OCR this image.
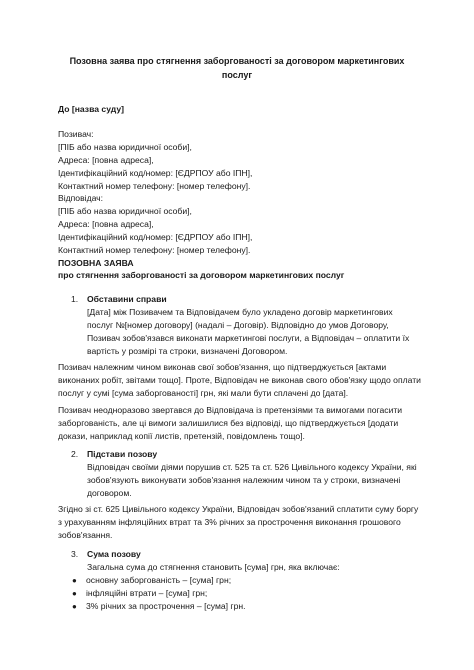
Позовна заява про стягнення заборгованості за договором маркетингових послуг
До [назва суду]
Позивач:
[ПІБ або назва юридичної особи],
Адреса: [повна адреса],
Ідентифікаційний код/номер: [ЄДРПОУ або ІПН],
Контактний номер телефону: [номер телефону].
Відповідач:
[ПІБ або назва юридичної особи],
Адреса: [повна адреса],
Ідентифікаційний код/номер: [ЄДРПОУ або ІПН],
Контактний номер телефону: [номер телефону].
ПОЗОВНА ЗАЯВА
про стягнення заборгованості за договором маркетингових послуг
1. Обставини справи
[Дата] між Позивачем та Відповідачем було укладено договір маркетингових послуг №[номер договору] (надалі – Договір). Відповідно до умов Договору, Позивач зобов'язався виконати маркетингові послуги, а Відповідач – оплатити їх вартість у розмірі та строки, визначені Договором.
Позивач належним чином виконав свої зобов'язання, що підтверджується [актами виконаних робіт, звітами тощо]. Проте, Відповідач не виконав свого обов'язку щодо оплати послуг у сумі [сума заборгованості] грн, які мали бути сплачені до [дата].
Позивач неодноразово звертався до Відповідача із претензіями та вимогами погасити заборгованість, але ці вимоги залишилися без відповіді, що підтверджується [додати докази, наприклад копії листів, претензій, повідомлень тощо].
2. Підстави позову
Відповідач своїми діями порушив ст. 525 та ст. 526 Цивільного кодексу України, які зобов'язують виконувати зобов'язання належним чином та у строки, визначені договором.
Згідно зі ст. 625 Цивільного кодексу України, Відповідач зобов'язаний сплатити суму боргу з урахуванням інфляційних втрат та 3% річних за прострочення виконання грошового зобов'язання.
3. Сума позову
Загальна сума до стягнення становить [сума] грн, яка включає:
● основну заборгованість – [сума] грн;
● інфляційні втрати – [сума] грн;
● 3% річних за прострочення – [сума] грн.
